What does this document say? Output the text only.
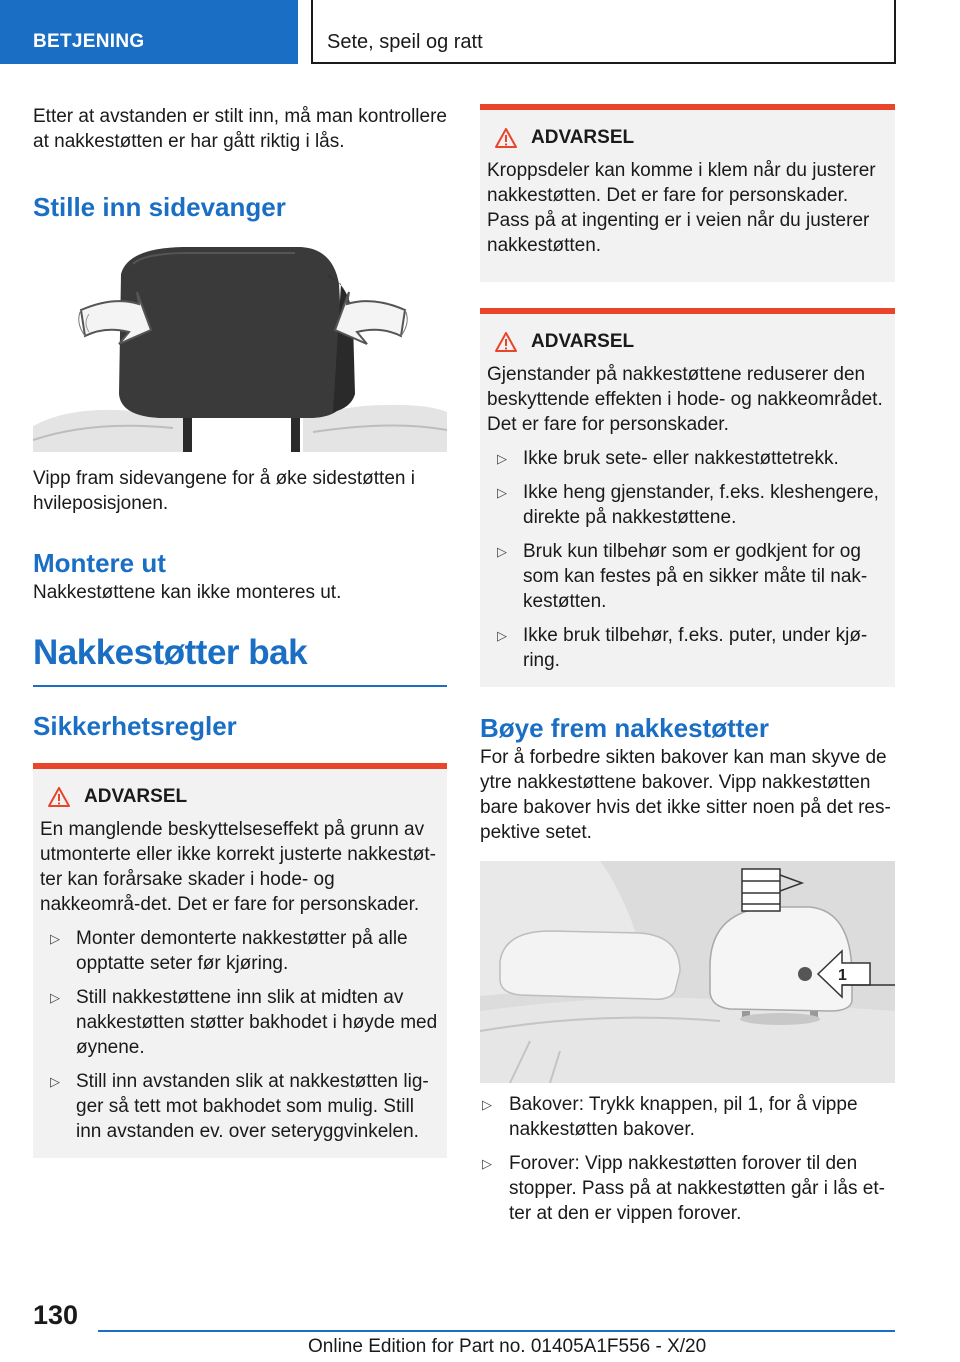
BETJENING	Sete, speil og ratt

Etter at avstanden er stilt inn, må man kontrollere at nakkestøtten er har gått riktig i lås.

Stille inn sidevanger

Vipp fram sidevangene for å øke sidestøtten i hvileposisjonen.

Montere ut

Nakkestøttene kan ikke monteres ut.

Nakkestøtter bak
Sikkerhetsregler
ADVARSEL

En manglende beskyttelseseffekt på grunn av utmonterte eller ikke korrekt justerte nakkestøt-ter kan forårsake skader i hode- og nakkeområ-det. Det er fare for personskader.

▷ Monter demonterte nakkestøtter på alle opptatte seter før kjøring.
▷ Still nakkestøttene inn slik at midten av nakkestøtten støtter bakhodet i høyde med øynene.
▷ Still inn avstanden slik at nakkestøtten lig-ger så tett mot bakhodet som mulig. Still inn avstanden ev. over seteryggvinkelen.
ADVARSEL

Kroppsdeler kan komme i klem når du justerer nakkestøtten. Det er fare for personskader. Pass på at ingenting er i veien når du justerer nakkestøtten.

ADVARSEL

Gjenstander på nakkestøttene reduserer den beskyttende effekten i hode- og nakkeområdet. Det er fare for personskader.

▷ Ikke bruk sete- eller nakkestøttetrekk.
▷ Ikke heng gjenstander, f.eks. kleshengere, direkte på nakkestøttene.
▷ Bruk kun tilbehør som er godkjent for og som kan festes på en sikker måte til nak-kestøtten.
▷ Ikke bruk tilbehør, f.eks. puter, under kjø-ring.
Bøye frem nakkestøtter

For å forbedre sikten bakover kan man skyve de ytre nakkestøttene bakover. Vipp nakkestøtten bare bakover hvis det ikke sitter noen på det res-pektive setet.

1
▷ Bakover: Trykk knappen, pil 1, for å vippe nakkestøtten bakover.
▷ Forover: Vipp nakkestøtten forover til den stopper. Pass på at nakkestøtten går i lås et-ter at den er vippen forover.
130
Online Edition for Part no. 01405A1F556 - X/20
